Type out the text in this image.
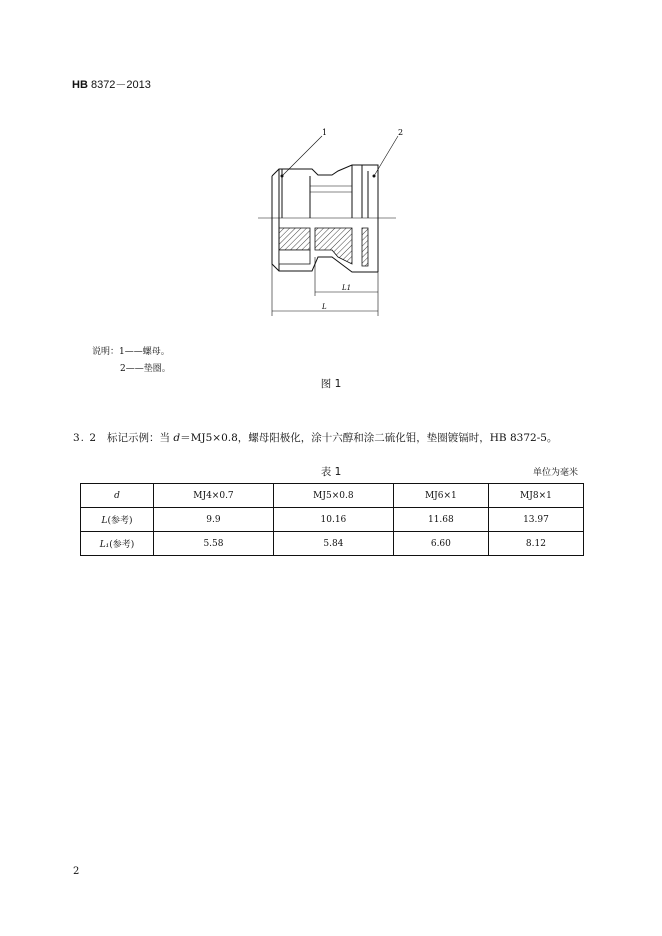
HB 8372－2013
1	2
L1
L
说明：1——螺母。
2——垫圈。
图 1
3. 2 标记示例：当 d＝MJ5×0.8，螺母阳极化，涂十六醇和涂二硫化钼，垫圈镀镉时，HB 8372-5。
表 1	单位为毫米
d	MJ4×0.7	MJ5×0.8	MJ6×1	MJ8×1
L(参考)	9.9	10.16	11.68	13.97
L₁(参考)	5.58	5.84	6.60	8.12
2
